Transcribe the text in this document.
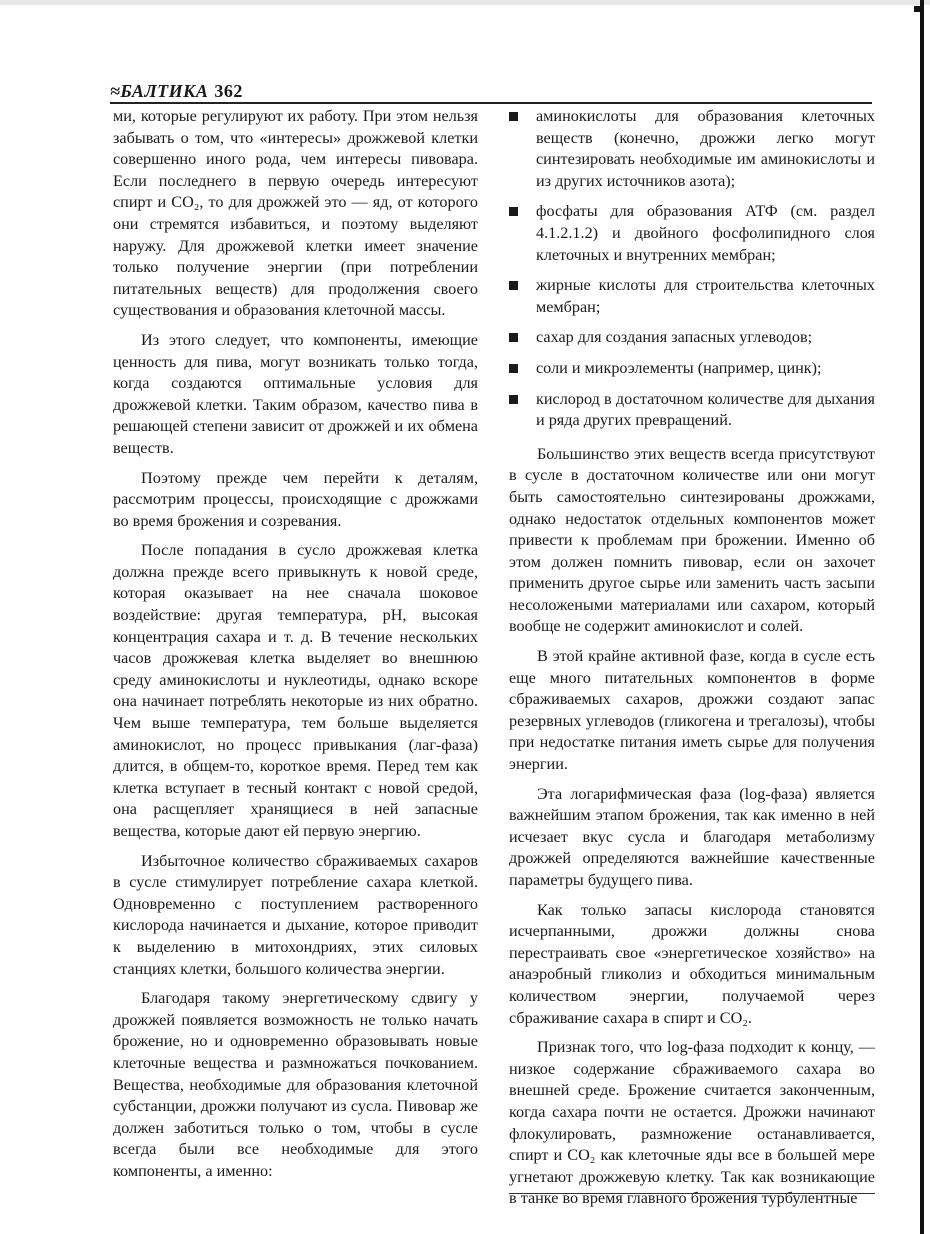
≈БАЛТИКА 362

ми, которые регулируют их работу. При этом нельзя забывать о том, что «интересы» дрожжевой клетки совершенно иного рода, чем интересы пивовара. Если последнего в первую очередь интересуют спирт и CO₂, то для дрожжей это — яд, от которого они стремятся избавиться, и поэтому выделяют наружу. Для дрожжевой клетки имеет значение только получение энергии (при потреблении питательных веществ) для продолжения своего существования и образования клеточной массы.

Из этого следует, что компоненты, имеющие ценность для пива, могут возникать только тогда, когда создаются оптимальные условия для дрожжевой клетки. Таким образом, качество пива в решающей степени зависит от дрожжей и их обмена веществ.

Поэтому прежде чем перейти к деталям, рассмотрим процессы, происходящие с дрожжами во время брожения и созревания.

После попадания в сусло дрожжевая клетка должна прежде всего привыкнуть к новой среде, которая оказывает на нее сначала шоковое воздействие: другая температура, pH, высокая концентрация сахара и т. д. В течение нескольких часов дрожжевая клетка выделяет во внешнюю среду аминокислоты и нуклеотиды, однако вскоре она начинает потреблять некоторые из них обратно. Чем выше температура, тем больше выделяется аминокислот, но процесс привыкания (лаг-фаза) длится, в общем-то, короткое время. Перед тем как клетка вступает в тесный контакт с новой средой, она расщепляет хранящиеся в ней запасные вещества, которые дают ей первую энергию.

Избыточное количество сбраживаемых сахаров в сусле стимулирует потребление сахара клеткой. Одновременно с поступлением растворенного кислорода начинается и дыхание, которое приводит к выделению в митохондриях, этих силовых станциях клетки, большого количества энергии.

Благодаря такому энергетическому сдвигу у дрожжей появляется возможность не только начать брожение, но и одновременно образовывать новые клеточные вещества и размножаться почкованием. Вещества, необходимые для образования клеточной субстанции, дрожжи получают из сусла. Пивовар же должен заботиться только о том, чтобы в сусле всегда были все необходимые для этого компоненты, а именно:

аминокислоты для образования клеточных веществ (конечно, дрожжи легко могут синтезировать необходимые им аминокислоты и из других источников азота);
фосфаты для образования АТФ (см. раздел 4.1.2.1.2) и двойного фосфолипидного слоя клеточных и внутренних мембран;
жирные кислоты для строительства клеточных мембран;
сахар для создания запасных углеводов;
соли и микроэлементы (например, цинк);
кислород в достаточном количестве для дыхания и ряда других превращений.

Большинство этих веществ всегда присутствуют в сусле в достаточном количестве или они могут быть самостоятельно синтезированы дрожжами, однако недостаток отдельных компонентов может привести к проблемам при брожении. Именно об этом должен помнить пивовар, если он захочет применить другое сырье или заменить часть засыпи несоложеными материалами или сахаром, который вообще не содержит аминокислот и солей.

В этой крайне активной фазе, когда в сусле есть еще много питательных компонентов в форме сбраживаемых сахаров, дрожжи создают запас резервных углеводов (гликогена и трегалозы), чтобы при недостатке питания иметь сырье для получения энергии.

Эта логарифмическая фаза (log-фаза) является важнейшим этапом брожения, так как именно в ней исчезает вкус сусла и благодаря метаболизму дрожжей определяются важнейшие качественные параметры будущего пива.

Как только запасы кислорода становятся исчерпанными, дрожжи должны снова перестраивать свое «энергетическое хозяйство» на анаэробный гликолиз и обходиться минимальным количеством энергии, получаемой через сбраживание сахара в спирт и CO₂.

Признак того, что log-фаза подходит к концу, — низкое содержание сбраживаемого сахара во внешней среде. Брожение считается законченным, когда сахара почти не остается. Дрожжи начинают флокулировать, размножение останавливается, спирт и CO₂ как клеточные яды все в большей мере угнетают дрожжевую клетку. Так как возникающие в танке во время главного брожения турбулентные
